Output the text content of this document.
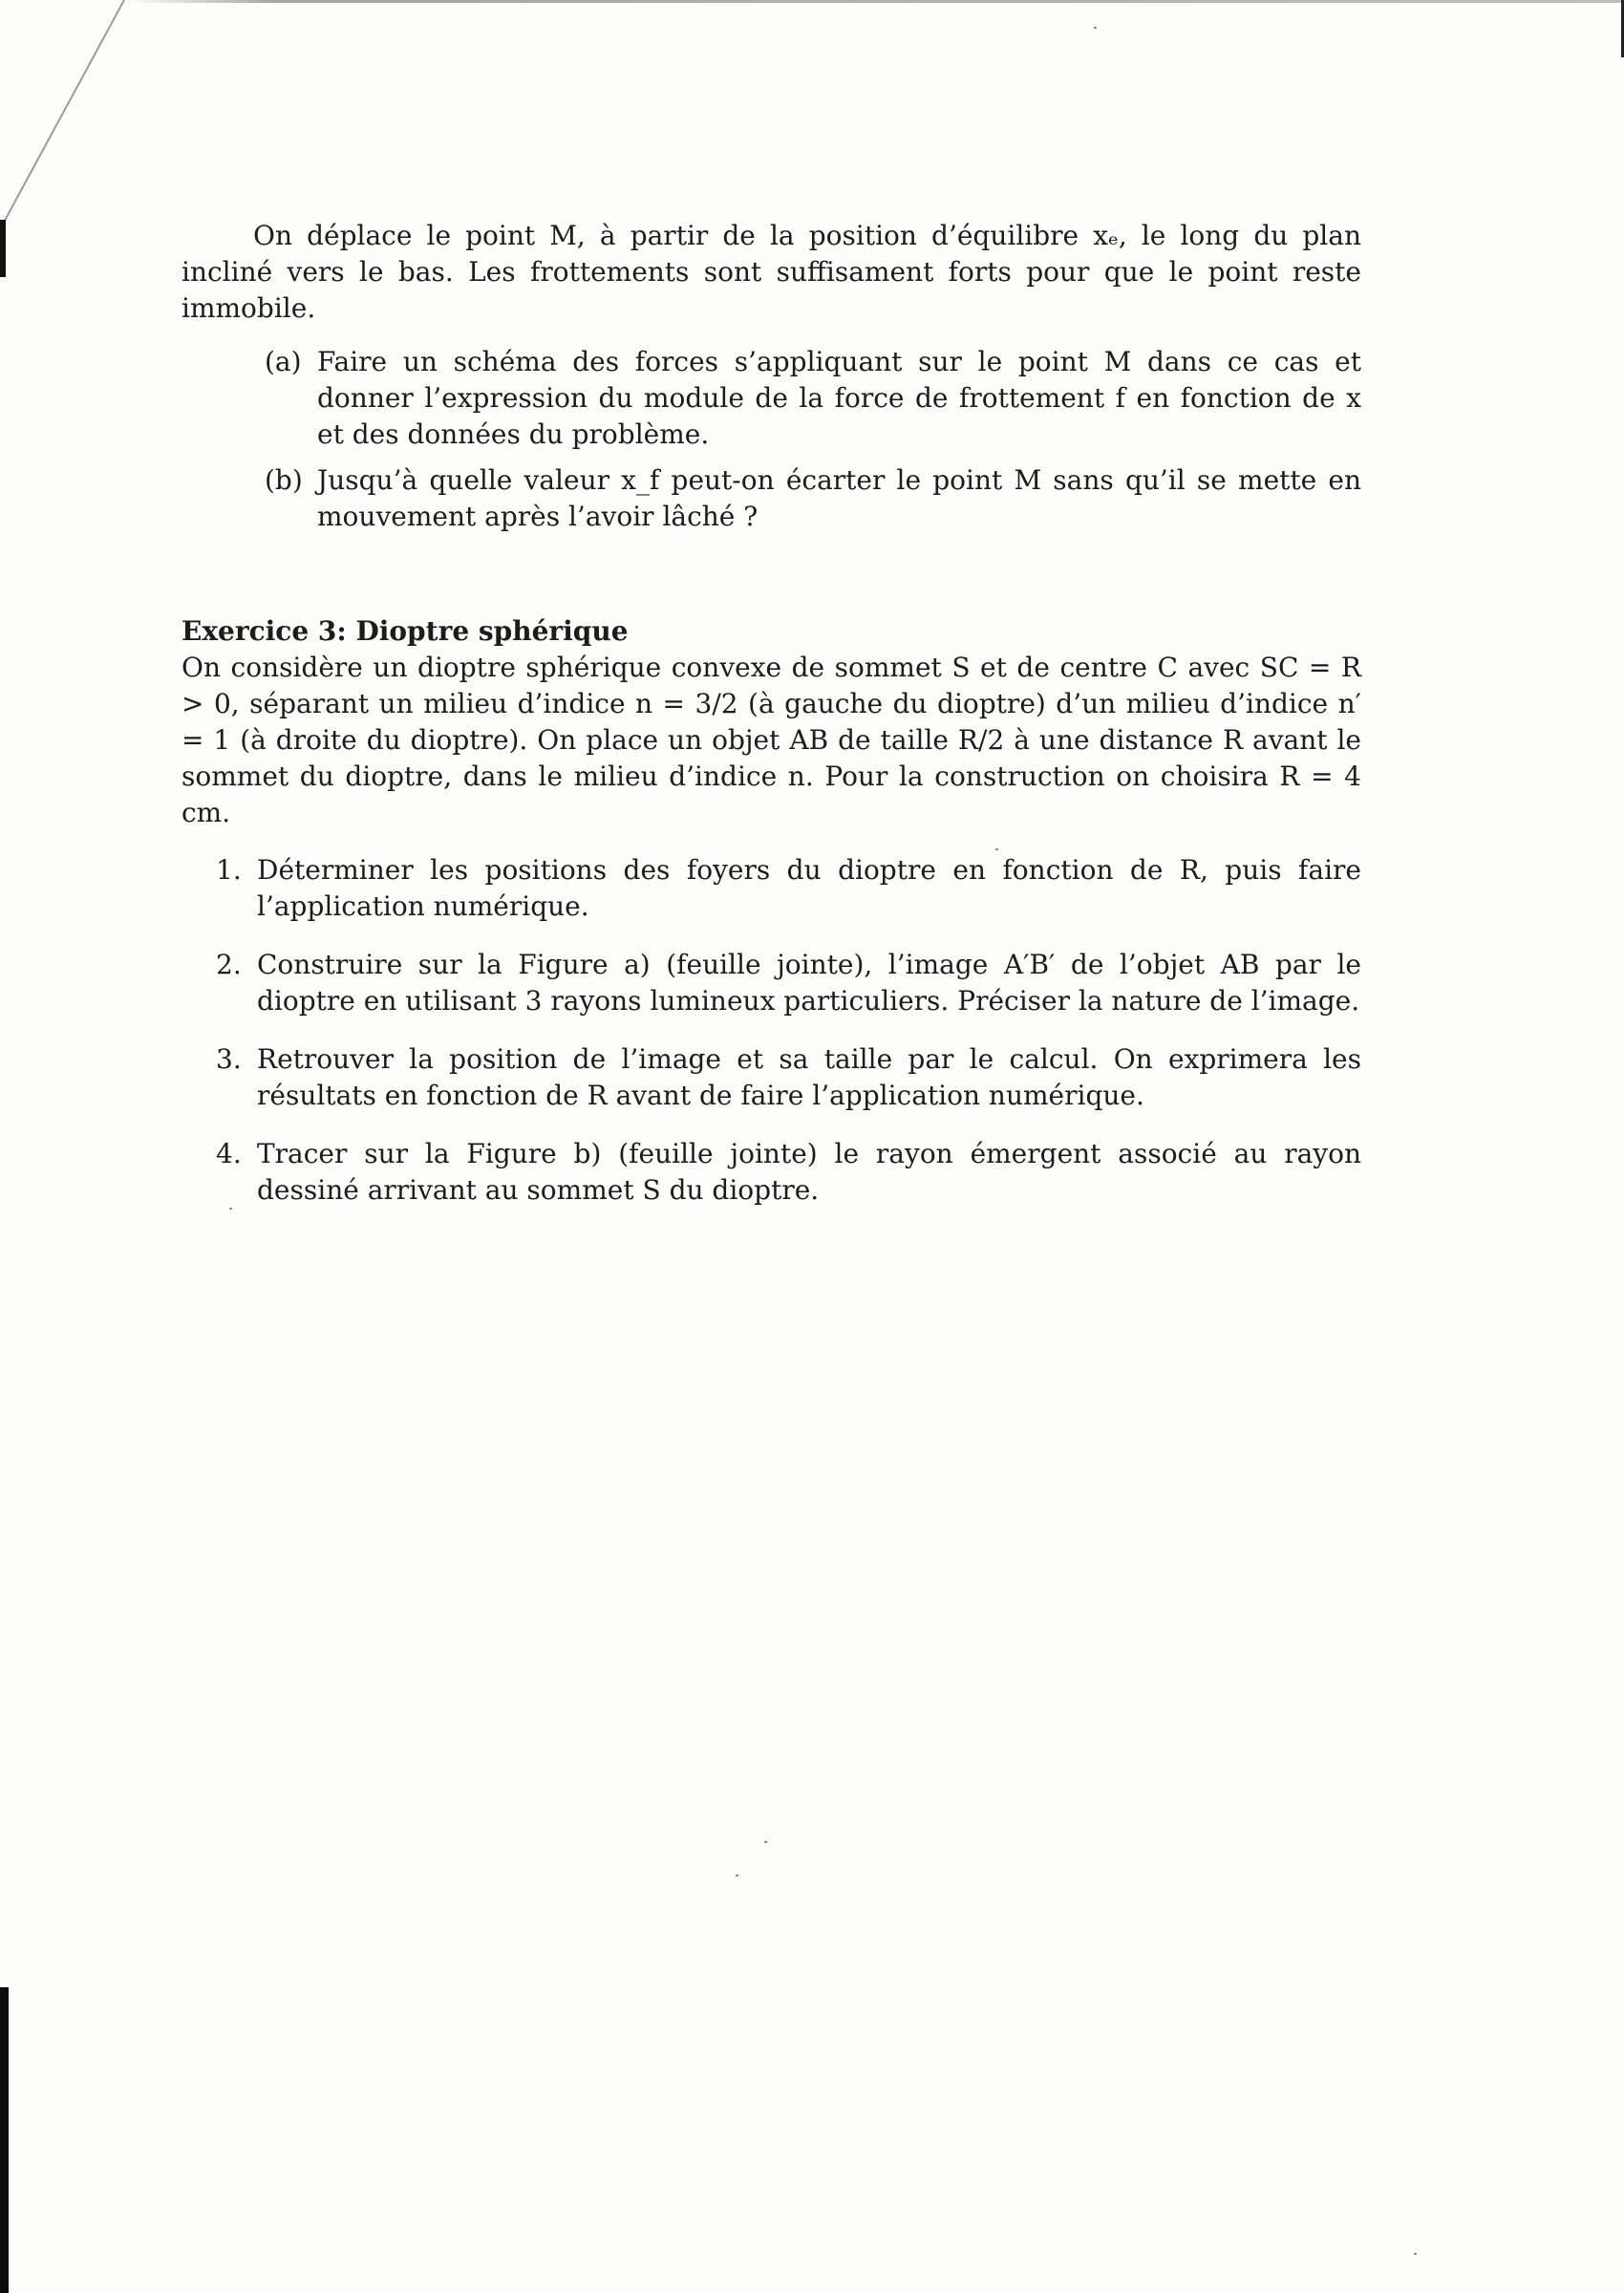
On déplace le point M, à partir de la position d’équilibre xₑ, le long du plan incliné vers le bas. Les frottements sont suffisament forts pour que le point reste immobile.

(a) Faire un schéma des forces s’appliquant sur le point M dans ce cas et donner l’expression du module de la force de frottement f en fonction de x et des données du problème.
(b) Jusqu’à quelle valeur x_f peut-on écarter le point M sans qu’il se mette en mouvement après l’avoir lâché ?

Exercice 3: Dioptre sphérique

On considère un dioptre sphérique convexe de sommet S et de centre C avec SC = R > 0, séparant un milieu d’indice n = 3/2 (à gauche du dioptre) d’un milieu d’indice n′ = 1 (à droite du dioptre). On place un objet AB de taille R/2 à une distance R avant le sommet du dioptre, dans le milieu d’indice n. Pour la construction on choisira R = 4 cm.

1. Déterminer les positions des foyers du dioptre en fonction de R, puis faire l’application numérique.
2. Construire sur la Figure a) (feuille jointe), l’image A′B′ de l’objet AB par le dioptre en utilisant 3 rayons lumineux particuliers. Préciser la nature de l’image.
3. Retrouver la position de l’image et sa taille par le calcul. On exprimera les résultats en fonction de R avant de faire l’application numérique.
4. Tracer sur la Figure b) (feuille jointe) le rayon émergent associé au rayon dessiné arrivant au sommet S du dioptre.
